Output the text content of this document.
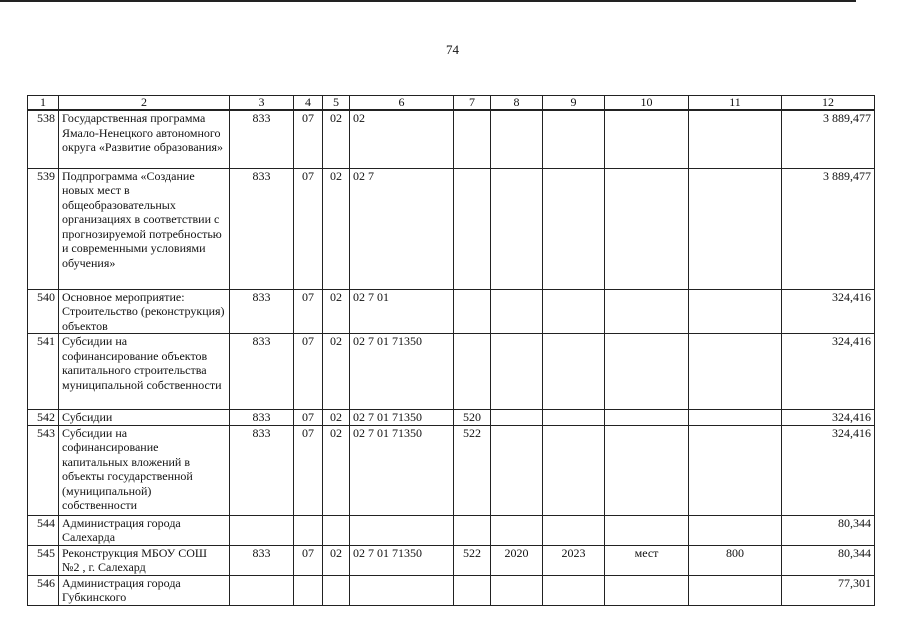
74
1	2	3	4	5	6	7	8	9	10	11	12
538	Государственная программа Ямало-Ненецкого автономного округа «Развитие образования»	833	07	02	02						3 889,477
539	Подпрограмма «Создание новых мест в общеобразовательных организациях в соответствии с прогнозируемой потребностью и современными условиями обучения»	833	07	02	02 7						3 889,477
540	Основное мероприятие: Строительство (реконструкция) объектов	833	07	02	02 7 01						324,416
541	Субсидии на софинансирование объектов капитального строительства муниципальной собственности	833	07	02	02 7 01 71350						324,416
542	Субсидии	833	07	02	02 7 01 71350	520					324,416
543	Субсидии на софинансирование капитальных вложений в объекты государственной (муниципальной) собственности	833	07	02	02 7 01 71350	522					324,416
544	Администрация города Салехарда										80,344
545	Реконструкция МБОУ СОШ №2 , г. Салехард	833	07	02	02 7 01 71350	522	2020	2023	мест	800	80,344
546	Администрация города Губкинского										77,301
